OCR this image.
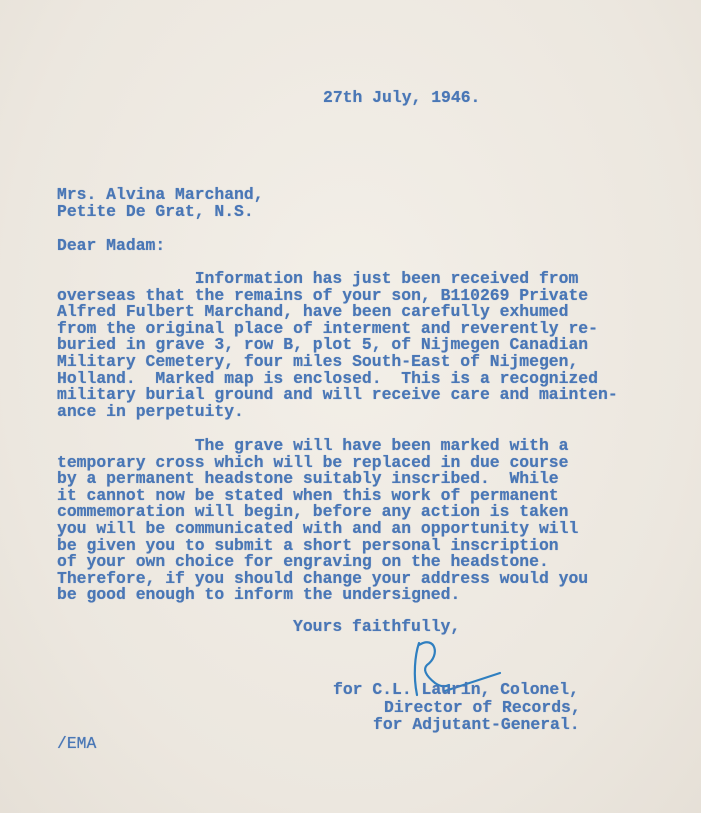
27th July, 1946.
Mrs. Alvina Marchand,
Petite De Grat, N.S.
Dear Madam:
Information has just been received from
overseas that the remains of your son, B110269 Private
Alfred Fulbert Marchand, have been carefully exhumed
from the original place of interment and reverently re-
buried in grave 3, row B, plot 5, of Nijmegen Canadian
Military Cemetery, four miles South-East of Nijmegen,
Holland.  Marked map is enclosed.  This is a recognized
military burial ground and will receive care and mainten-
ance in perpetuity.
The grave will have been marked with a
temporary cross which will be replaced in due course
by a permanent headstone suitably inscribed.  While
it cannot now be stated when this work of permanent
commemoration will begin, before any action is taken
you will be communicated with and an opportunity will
be given you to submit a short personal inscription
of your own choice for engraving on the headstone.
Therefore, if you should change your address would you
be good enough to inform the undersigned.
Yours faithfully,
for C.L. Laurin, Colonel,
Director of Records,
for Adjutant-General.
/EMA
